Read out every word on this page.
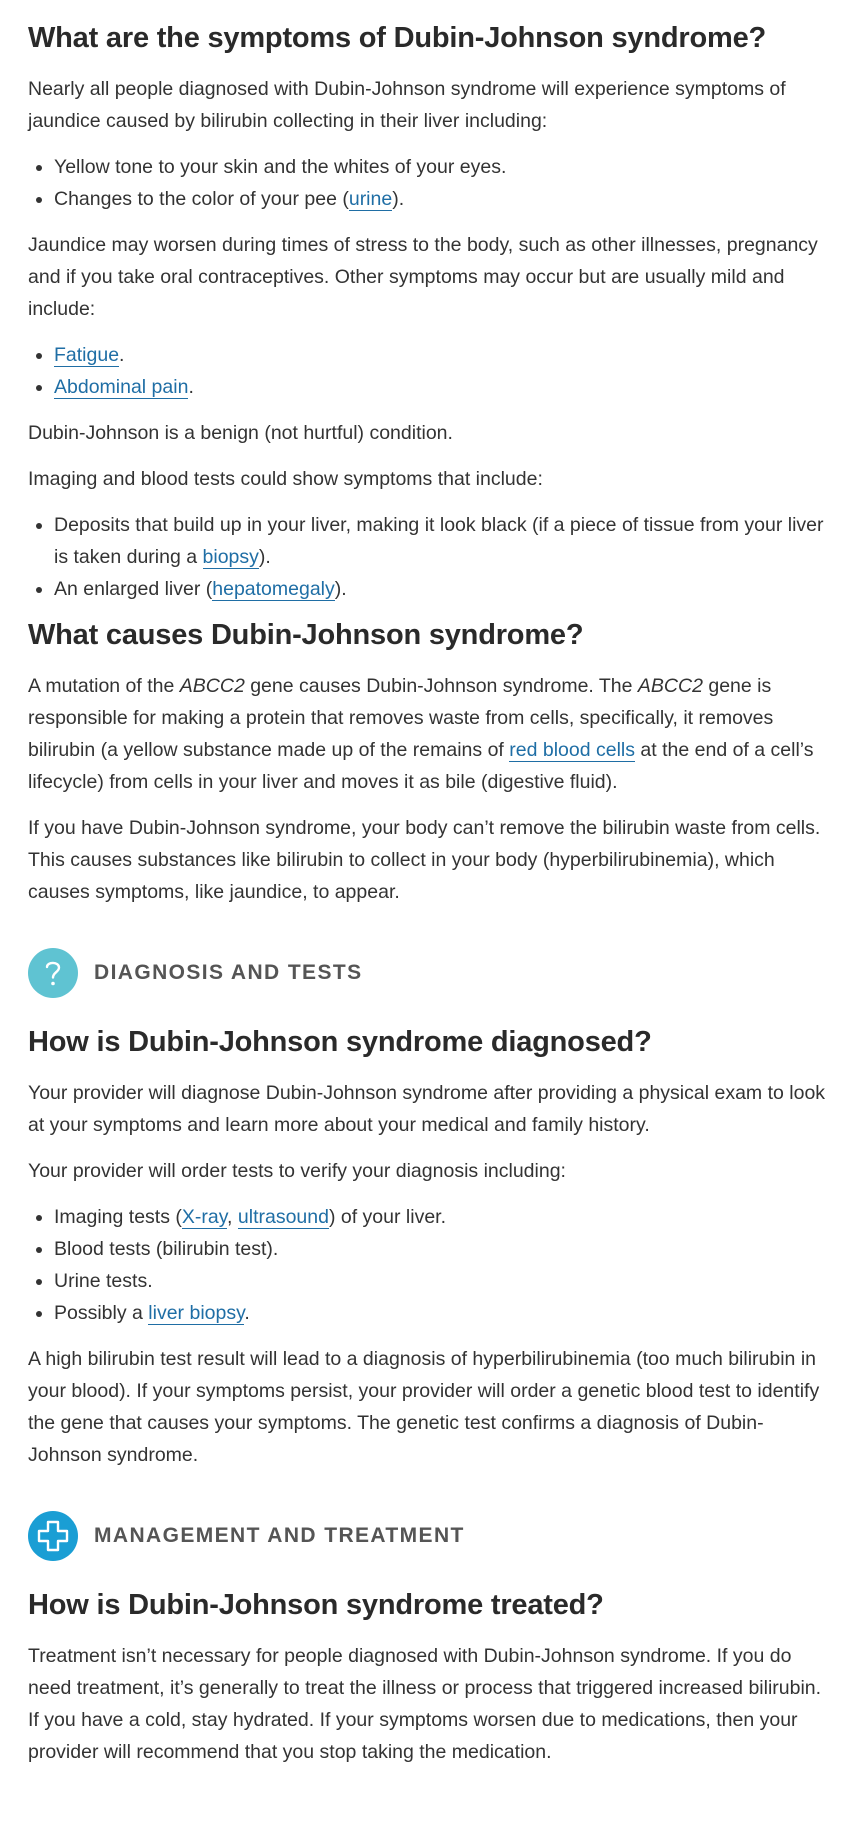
What are the symptoms of Dubin-Johnson syndrome?

Nearly all people diagnosed with Dubin-Johnson syndrome will experience symptoms of jaundice caused by bilirubin collecting in their liver including:

• Yellow tone to your skin and the whites of your eyes.
• Changes to the color of your pee (urine).

Jaundice may worsen during times of stress to the body, such as other illnesses, pregnancy and if you take oral contraceptives. Other symptoms may occur but are usually mild and include:

• Fatigue.
• Abdominal pain.

Dubin-Johnson is a benign (not hurtful) condition.

Imaging and blood tests could show symptoms that include:

• Deposits that build up in your liver, making it look black (if a piece of tissue from your liver is taken during a biopsy).
• An enlarged liver (hepatomegaly).
What causes Dubin-Johnson syndrome?

A mutation of the ABCC2 gene causes Dubin-Johnson syndrome. The ABCC2 gene is responsible for making a protein that removes waste from cells, specifically, it removes bilirubin (a yellow substance made up of the remains of red blood cells at the end of a cell’s lifecycle) from cells in your liver and moves it as bile (digestive fluid).

If you have Dubin-Johnson syndrome, your body can’t remove the bilirubin waste from cells. This causes substances like bilirubin to collect in your body (hyperbilirubinemia), which causes symptoms, like jaundice, to appear.

DIAGNOSIS AND TESTS
How is Dubin-Johnson syndrome diagnosed?

Your provider will diagnose Dubin-Johnson syndrome after providing a physical exam to look at your symptoms and learn more about your medical and family history.

Your provider will order tests to verify your diagnosis including:

• Imaging tests (X-ray, ultrasound) of your liver.
• Blood tests (bilirubin test).
• Urine tests.
• Possibly a liver biopsy.

A high bilirubin test result will lead to a diagnosis of hyperbilirubinemia (too much bilirubin in your blood). If your symptoms persist, your provider will order a genetic blood test to identify the gene that causes your symptoms. The genetic test confirms a diagnosis of Dubin-Johnson syndrome.

MANAGEMENT AND TREATMENT
How is Dubin-Johnson syndrome treated?

Treatment isn’t necessary for people diagnosed with Dubin-Johnson syndrome. If you do need treatment, it’s generally to treat the illness or process that triggered increased bilirubin. If you have a cold, stay hydrated. If your symptoms worsen due to medications, then your provider will recommend that you stop taking the medication.
